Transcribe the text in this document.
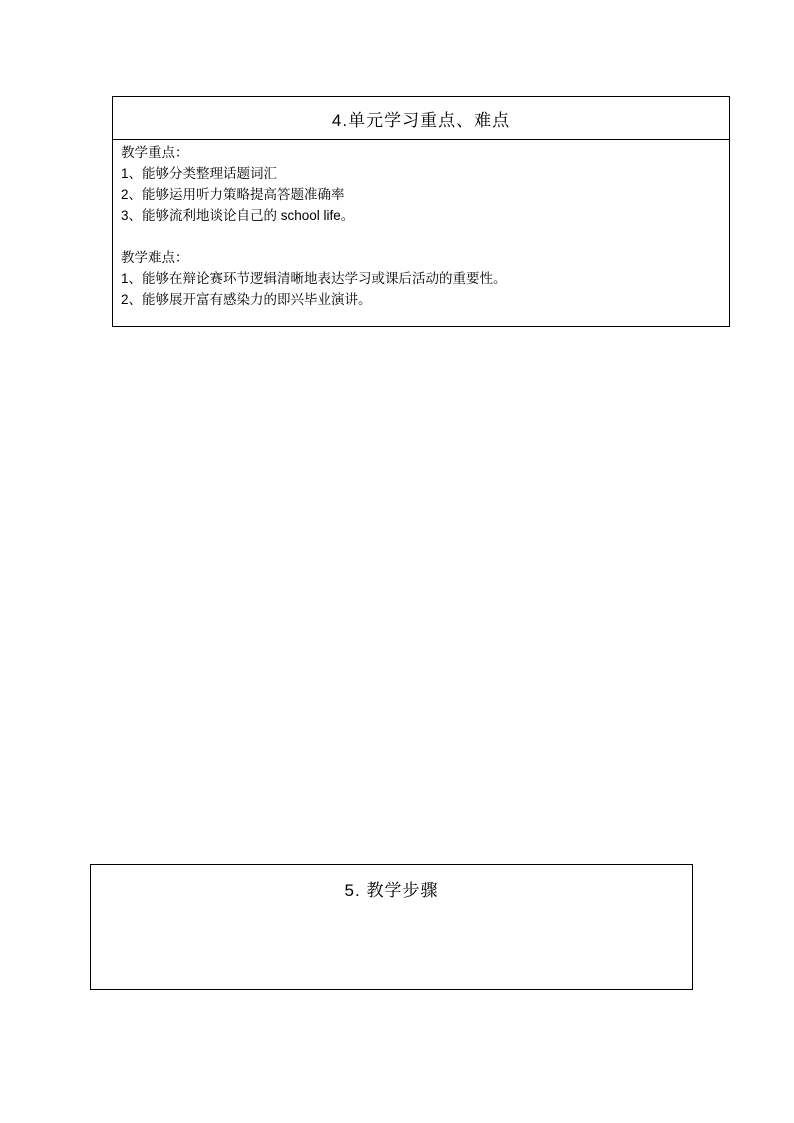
4.单元学习重点、难点
教学重点：
1、能够分类整理话题词汇
2、能够运用听力策略提高答题准确率
3、能够流利地谈论自己的 school life。
教学难点：
1、能够在辩论赛环节逻辑清晰地表达学习或课后活动的重要性。
2、能够展开富有感染力的即兴毕业演讲。
5. 教学步骤
